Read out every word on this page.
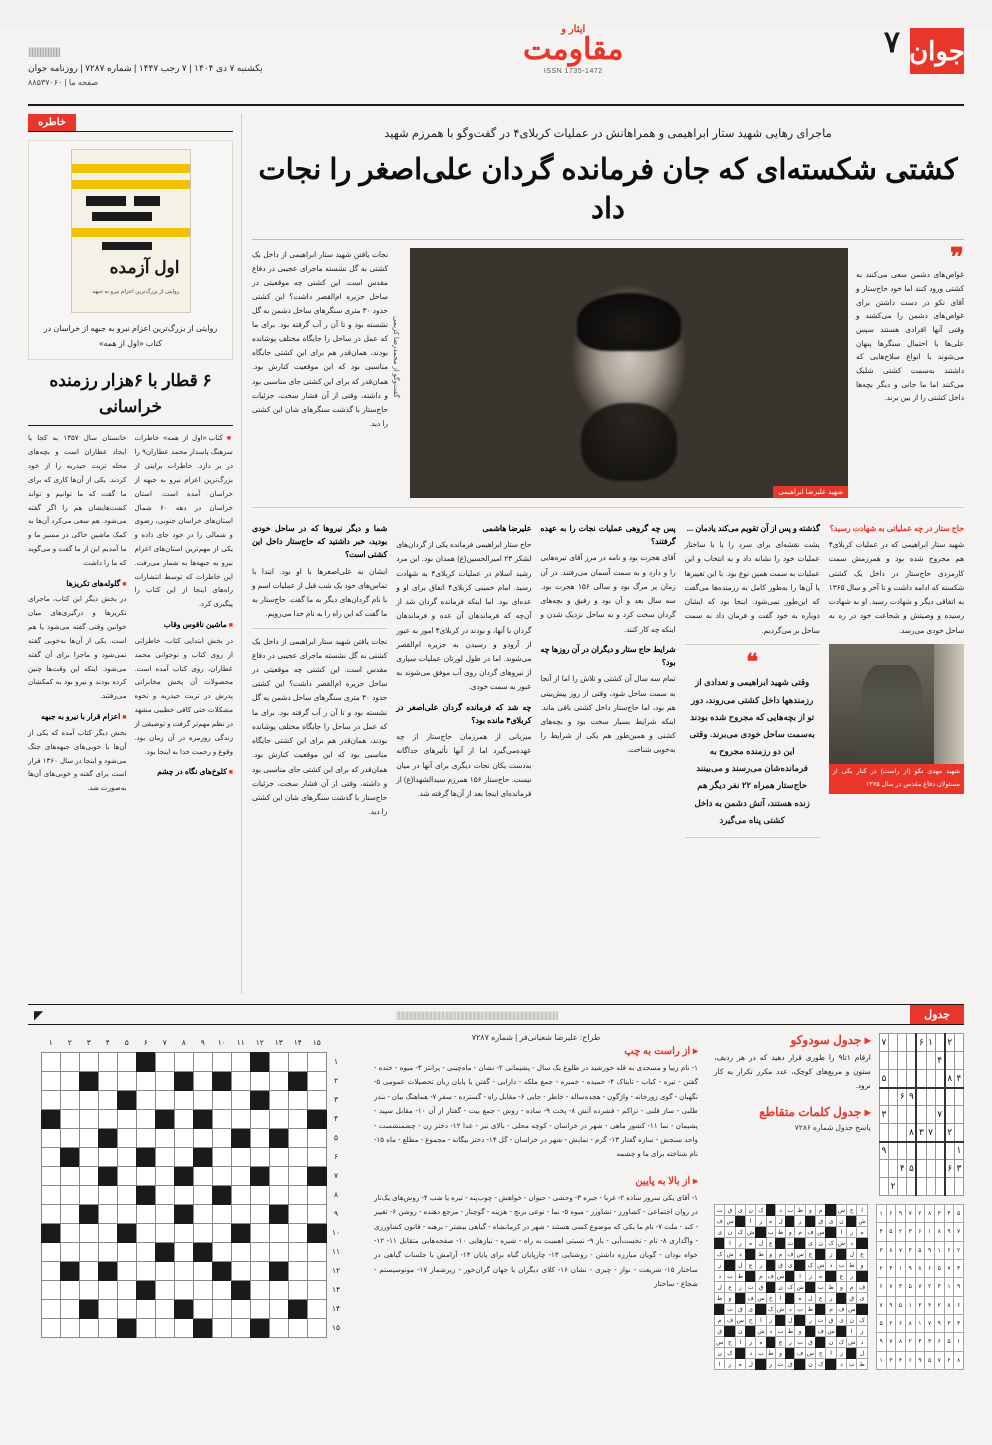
جوان
۷
ایثار و
مقاومت
ISSN 1735-1472
||||||||||||||||||||
یکشنبه ۷ دی ۱۴۰۴ | ۷ رجب ۱۴۴۷ | شماره ۷۲۸۷ | روزنامه جوان
صفحه ما | ۸۸۵۳۷۰۶۰
ماجرای رهایی شهید ستار ابراهیمی و همراهانش در عملیات کربلای۴ در گفت‌وگو با همرزم شهید
کشتی شکسته‌ای که جان فرمانده گردان علی‌اصغر را نجات داد
❞
غواص‌های دشمن سعی می‌کنند به کشتی ورود کنند اما خود حاج‌ستار و آقای نکو در دست داشتن برای غواص‌های دشمن را می‌کشند و وقتی آنها افرادی هستند سپس علی‌ها با احتمال سنگرها پنهان می‌شوند با انواع سلاح‌هایی که داشتند به‌سمت کشتی شلیک می‌کنند اما ما جانی و دیگر بچه‌ها داخل کشتی را از بین برند.
شهید علیرضا ابراهیمی
گفت‌وگو از محمدرضا کریمی
نجات یافتن شهید ستار ابراهیمی از داخل یک کشتی به گل نشسته ماجرای عجیبی در دفاع مقدس است. این کشتی چه موقعیتی در ساحل جزیره ام‌القصر داشت؟ این کشتی حدود ۳۰ متری سنگرهای ساحل دشمن به گل نشسته بود و تا آن ر آب گرفته بود. برای ما که عمل در ساحل را جایگاه مختلف پوشانده بودند، همان‌قدر هم برای این کشتی جایگاه مناسبی بود که این موقعیت کنارش بود. همان‌قدر که برای این کشتی جای مناسبی بود و داشته، وقتی از آن فشار سخت، جزئیات حاج‌ستار با گذشت سنگرهای شان این کشتی را دید.
حاج ستار در چه عملیاتی به شهادت رسید؟

شهید ستار ابراهیمی که در عملیات کربلای۴ هم مجروح شده بود و همرزمش سمت کارمزدی حاج‌ستار در داخل یک کشتی شکسته که ادامه داشت و تا آخر و سال ۱۳۶۵ به اتفاقی دیگر و شهادت رسید. او به شهادت رسیده و وصیتش و شجاعت خود در ره به ساحل خودی می‌رسد.

شهید مهدی نکو (از راست) در کنار یکی از مسئولان دفاع مقدس در سال ۱۳۶۵
گذشته و پس از آن تقویم می‌کند یادمان ...

پشت نقشه‌ای برای سرد را یا با ساختار عملیات خود را نشانه داد و به انتخاب و این عملیات به سمت همین نوع بود. با این تغییرها یا آن‌ها را به‌طور کامل به رزمنده‌ها می‌گفت که این‌طور نمی‌شود. اینجا بود که ایشان دوباره به خود گفت و فرمان داد به سمت ساحل بر می‌گردیم.

❝
وقتی شهید ابراهیمی و تعدادی از رزمندهها داخل کشتی می‌روند، دور تو از بچه‌هایی که مجروح شده بودند به‌سمت ساحل خودی می‌برند. وقتی این دو رزمنده مجروح به فرمانده‌شان می‌رسند و می‌بینند حاج‌ستار همراه ۲۲ نفر دیگر هم زنده هستند، آتش دشمن به داخل کشتی پناه می‌گیرد
پس چه گروهی عملیات نجات را به عهده گرفتند؟

آقای هجرت بود و نامه در مرز آقای تیره‌هایی را و دارد و به سمت آسمان می‌رفتند. در آن زمان پر مرگ بود و سالی ۱۵۶ هجرت بود. سه سال بعد و آن بود و رفیق و بچه‌های گردان سخت کرد و به ساحل نزدیک شدن و اینکه چه کار کنند.

شرایط حاج ستار و دیگران در آن روزها چه بود؟

تمام سه سال آن کشتی و تلاش را اما از آنجا به سمت ساحل شود، وقتی از روز پیش‌بینی هم بود، اما حاج‌ستار داخل کشتی باقی ماند. اینکه شرایط بسیار سخت بود و بچه‌های کشتی و همین‌طور هم یکی از شرایط را به‌خوبی شناخت.

علیرضا هاشمی

حاج ستار ابراهیمی فرمانده یکی از گردان‌های لشکر ۲۳ امیرالحسین(ع) همدان بود. این مرد رشید اسلام در عملیات کربلای۴ به شهادت رسید. امام خمینی کربلای۴ اتفاق برای او و عده‌ای بود. اما اینکه فرمانده گردان شد از آن‌چه که فرماندهان آن عده و فرماندهان گردان با آنها، و بودند در کربلای۴ امور به عبور از آرودو و رسیدن به جزیره ام‌القصر می‌شوند. اما در طول لورتان عملیات سپاری از نیروهای گردان روی آب موفق می‌شوند به عبور به سمت خودی.

چه شد که فرمانده گردان علی‌اصغر در کربلای۴ مانده بود؟

میزبانی از همرزمان حاج‌ستار از چه عهده‌می‌گیرد اما از آنها تأثیرهای جداگانه به‌دست یکان نجات دیگری برای آنها در میان نیست. حاج‌ستار ۱۵۶ همرزم سیدالشهدا(ع) از فرمانده‌ای اینجا بعد از آن‌ها گرفته شد.

شما و دیگر نیروها که در ساحل خودی بودید، خبر داشتید که حاج‌ستار داخل این کشتی است؟

ایشان به على‌اصغرها با او بود. ابتدا با تماس‌های خود یک شب قبل از عملیات اسم و با نام گردان‌های دیگر به ما گفت. حاج‌ستار به ما گفت که این راه را به نام خدا می‌رویم.

نجات یافتن شهید ستار ابراهیمی از داخل یک کشتی به گل نشسته ماجرای عجیبی در دفاع مقدس است. این کشتی چه موقعیتی در ساحل جزیره ام‌القصر داشت؟ این کشتی حدود ۳۰ متری سنگرهای ساحل دشمن به گل نشسته بود و تا آن ر آب گرفته بود. برای ما که عمل در ساحل را جایگاه مختلف پوشانده بودند، همان‌قدر هم برای این کشتی جایگاه مناسبی بود که این موقعیت کنارش بود. همان‌قدر که برای این کشتی جای مناسبی بود و داشته، وقتی از آن فشار سخت، جزئیات حاج‌ستار با گذشت سنگرهای شان این کشتی را دید.

خاطره
اول آزمده
روایتی از بزرگ‌ترین اعزام نیرو به جبهه
روایتی از بزرگ‌ترین اعزام نیرو به جبهه از خراسان در کتاب «اول از همه»
۶ قطار با ۶هزار رزمنده خراسانی

■ کتاب «اول از همه» خاطرات سرهنگ پاسدار محمد عطاران۹ را در بر دارد. خاطرات براینی از بزرگ‌ترین اعزام نیرو به جبهه از خراسان آمده است. استان خراسان در دهه ۶۰ شمال استان‌های خراسان جنوبی، رضوی و شمالی را در خود جای داده و یکی از مهم‌ترین استان‌های اعزام نیرو به جبهه‌ها به شمار می‌رفت. این خاطرات که توسط انتشارات راه‌های اینجا از این کتاب را پیگیری کرد.

■ ماشین ناقوس وقاب
در بخش ابتدایی کتاب، خاطراتی از روی کتاب و نوجوانی محمد عطاران، روی کتاب آمده است. محصولات آن پخش مخابراتی پدرش در تربت حیدریه و نحوه مشکلات حتی کافی خطیبی مشهد در نظم مهم‌تر گرفت و توصیفی از زندگی روزمره در آن زمان بود. وقوع و رحمت خدا به اینجا بود.

■ کلوخ‌های نگاه در چشم
خانستان سال ۱۳۵۷ به کجا با ایجاد عطاران است و بچه‌های محله تربت حیدریه را از خود کردند. یکی از آن‌ها کاری که برای ما گفت که ما توانیم و تواند کشت‌هایشان هم را اگر گفته می‌شود. هم سعی می‌کرد آن‌ها به کمک ماشین خاکی در مسیر ما و ما آمدیم این از ما گفت و می‌گوید که ما را داشت.

■ گلوله‌های تکریزها
در بخش دیگر این کتاب، ماجرای تکریزها و درگیری‌های میان خوانین وقتی گفته می‌شود یا هم است. یکی از آن‌ها به‌خوبی گفته نمی‌شود و ماجرا برای آن گفته می‌شود. اینکه این وقت‌ها چنین کرده بودند و نیرو بود به کمکشان می‌رفتند.

■ اعزام قرار با نیرو به جبهه
بخش دیگر کتاب آمده که یکی از آن‌ها با خوبی‌های جبهه‌های جنگ می‌شود و اینجا در سال ۱۳۶۰ قرار است برای گفته و خوبی‌های آن‌ها به‌صورت شد.

جدول
|||||||||||||||||||||||||||||||||||||||||||||||||||||||||||||||||||||||||||||||||||||||||||||||||||||||||||||||||||||||||
◤
	۲		۱	۶				۷
		۴						
۴	۸							۵
					۹	۶		
		۷						۳
	۲		۷	۳	۸			
۱								۹
۳	۶				۵	۴		
							۲	
▸ جدول سودوکو
ارقام ۱تا۹ را طوری قرار دهید که در هر ردیف، ستون و مربع‌های کوچک، عدد مکرر تکرار به کار نرود.
▸ جدول کلمات متقاطع
پاسخ جدول شماره ۷۲۸۶
۵	۴	۳	۸	۲	۷	۹	۶	۱
۷	۹	۸	۱	۶	۳	۲	۵	۴
۲	۶	۱	۹	۵	۴	۷	۸	۳
۳	۷	۵	۶	۸	۹	۱	۴	۲
۹	۱	۴	۲	۷	۵	۳	۷	۶
۶	۸	۲	۴	۳	۱	۵	۹	۷
۴	۳	۹	۷	۱	۸	۶	۲	۵
۱	۵	۶	۳	۴	۲	۸	۷	۹
۸	۲	۷	۵	۹	۶	۴	۳	۱
ا	ج	س		م	و	ط	ب	د		ک	ن	ی	ق	ت
ش		ن	ی	ق		ر		ل	ه	ز	ا		س	ف
ه	ز	ا		س	ف	م	و	ط	ب		ش	ک	ن	ی
	د	ش	ک	ن	ی		ت		ع	ل	ه	ز	ا	
ع	ل		ز		ج	س	ف	م	و	ط		د	ش	ک
و	ط	ب	د	ش	ک		ی	ق		ر	ع	ل		ز
	ر	ع		ه	ز	ا		س	ف	م		ط	ب	د
ف	م	و	ط	ب		ش	ک	ن		ق	ت	ر	ع	ل
ی	ق		ر	ع	ل	ه		ا	ج	س	ف		و	ط
	س	ف	م		ط	ب	د	ش	ک		ی	ق	ت	
ک	ن	ی	ق	ت	ر		ل		ز	ا	ج	س	ف	م
ز	ا		س	ف		و	ط	ب	د	ش		ن		ق
د	ش	ک	ن		ق	ت	ر	ع		ه	ز	ا	ج	س
ل		ز	ا	ج	س	ف		و	ط	ب	د		ک	ن
ط	ب	د		ک	ن		ق	ت	ر		ل	ه	ز	ا
طراح: علیرضا شعبانی‌فر | شماره ۷۲۸۷
▸ از راست به چپ
۱- نام زیبا و مسجدی به قله خورشید در طلوع یک سال - پشیمانی ۲- نشان - ماه‌چینی - پرانتز ۳- میوه - خنده - گفتن - تیره - کباب - تابناک ۴- خمیده - خمیره - جمع ملکه - دارایی - گفتن یا پایان زبان تحصیلات عمومی ۵- نگهبان - گوی زورخانه - واژگون - هجده‌ساله - خاطر - جایی ۶- مقابل راه - گسترده - سفر ۷- هماهنگ بیان - بندر طلبی - ساز قلبی - تراکم - فشرده آتش ۸- پخت ۹- ساده - روش - جمع بیت - گفتار از آن ۱۰- مقابل سپید - پشیمان - نما ۱۱- کشور ماهی - شهر در خراسان - کوچه محلی - بالای تیر - عدا ۱۲- دختر زن - چشمنشست - واحد سنجش - سازه گفتار ۱۳- گرم - نمایش - شهر در خراسان - گل ۱۴- دختر بیگانه - مجموع - مطلع - ماه ۱۵- نام شناخته برای ما و چشمه
▸ از بالا به پایین
۱- آقای یکی سرور ساده ۲- غربا - جیره ۳- وحشی - حیوان - خواهش - چوب‌پنه - تیره یا شب ۴- روش‌های یک‌تار در روان اجتماعی - کشاورز - تشاورز - میوه ۵- نما - نوعی برنج - هزینه - گوچنار - مرجع دهنده - روشن ۶- تغییر - کند - ملت ۷- نام ما یکی که موضوع کسی هستند - شهر در کرمانشاه - گیاهی بیشتر - برهنه - قانون کشاورزی - واگذاری ۸- نام - نخست‌آبی - باز ۹- نسبتی اهمیت به راه - شیره - نیازهایی ۱۰- صفحه‌هایی متقابل ۱۱- ۱۲- خواه بودان - گویان مبارزه داشتن - روشنایی ۱۳- چارپایان گیاه برای پایان ۱۴- آرامش با جلسات گیاهی در ساختار ۱۵- شریعت - نواز - چیزی - نشان ۱۶- کلای دیگران با جهان گران‌خور - زیرشمار ۱۷- مونوسیستم - شجاع - ساختار
	۱۵	۱۴	۱۳	۱۲	۱۱	۱۰	۹	۸	۷	۶	۵	۴	۳	۲	۱
۱															
۲															
۳															
۴															
۵															
۶															
۷															
۸															
۹															
۱۰															
۱۱															
۱۲															
۱۳															
۱۴															
۱۵															
